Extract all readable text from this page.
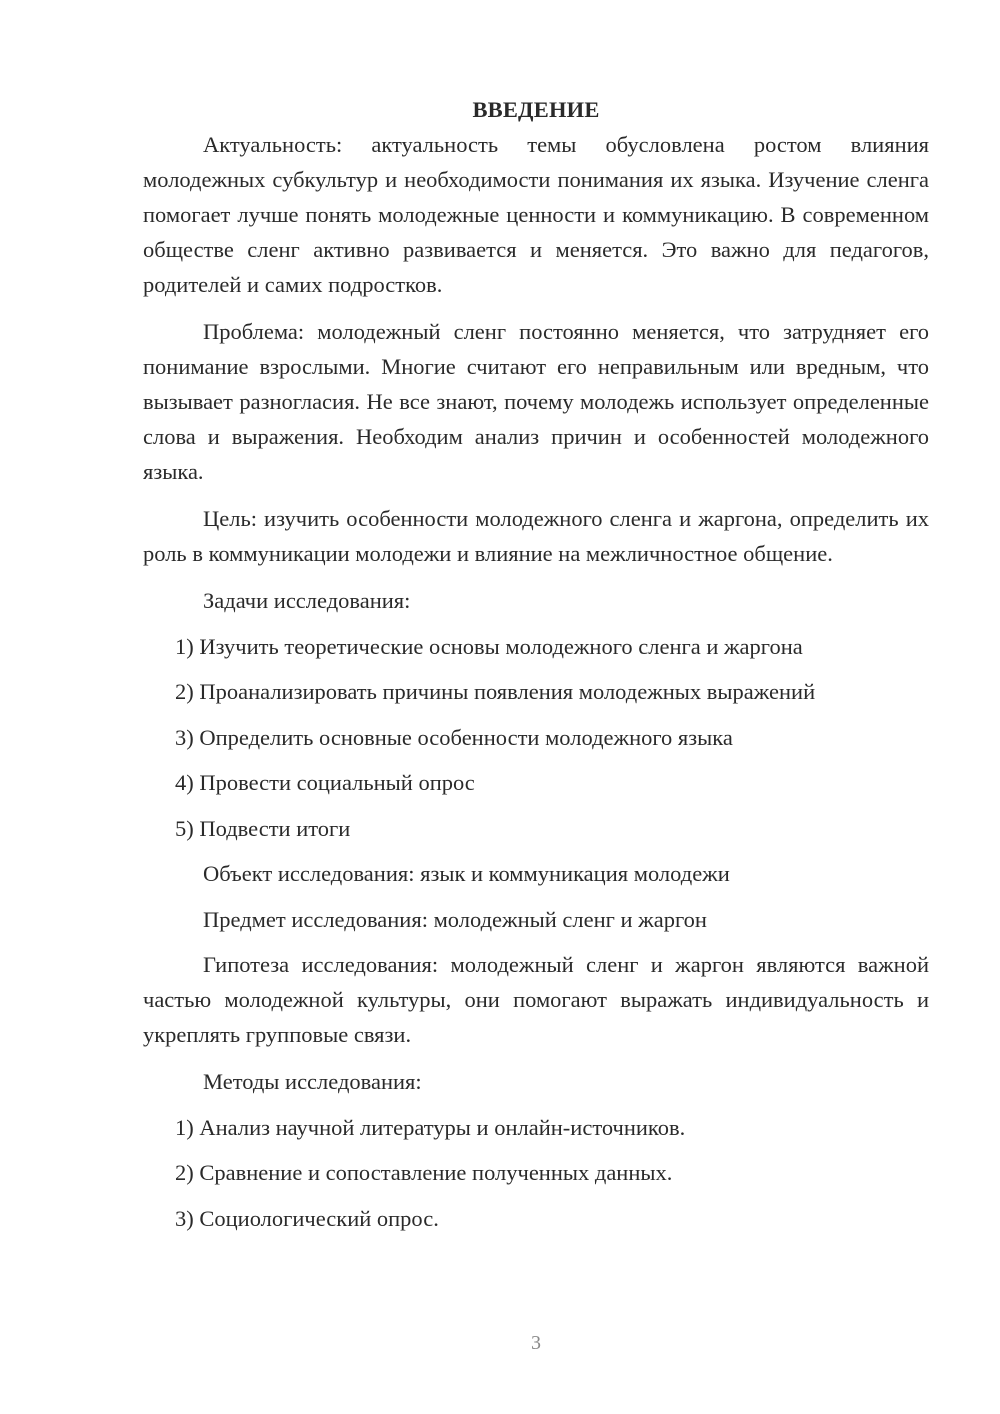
ВВЕДЕНИЕ

Актуальность: актуальность темы обусловлена ростом влияния молодежных субкультур и необходимости понимания их языка. Изучение сленга помогает лучше понять молодежные ценности и коммуникацию. В современном обществе сленг активно развивается и меняется. Это важно для педагогов, родителей и самих подростков.

Проблема: молодежный сленг постоянно меняется, что затрудняет его понимание взрослыми. Многие считают его неправильным или вредным, что вызывает разногласия. Не все знают, почему молодежь использует определенные слова и выражения. Необходим анализ причин и особенностей молодежного языка.

Цель: изучить особенности молодежного сленга и жаргона, определить их роль в коммуникации молодежи и влияние на межличностное общение.

Задачи исследования:
1) Изучить теоретические основы молодежного сленга и жаргона
2) Проанализировать причины появления молодежных выражений
3) Определить основные особенности молодежного языка
4) Провести социальный опрос
5) Подвести итоги
Объект исследования: язык и коммуникация молодежи
Предмет исследования: молодежный сленг и жаргон

Гипотеза исследования: молодежный сленг и жаргон являются важной частью молодежной культуры, они помогают выражать индивидуальность и укреплять групповые связи.

Методы исследования:
1) Анализ научной литературы и онлайн-источников.
2) Сравнение и сопоставление полученных данных.
3) Социологический опрос.
3
